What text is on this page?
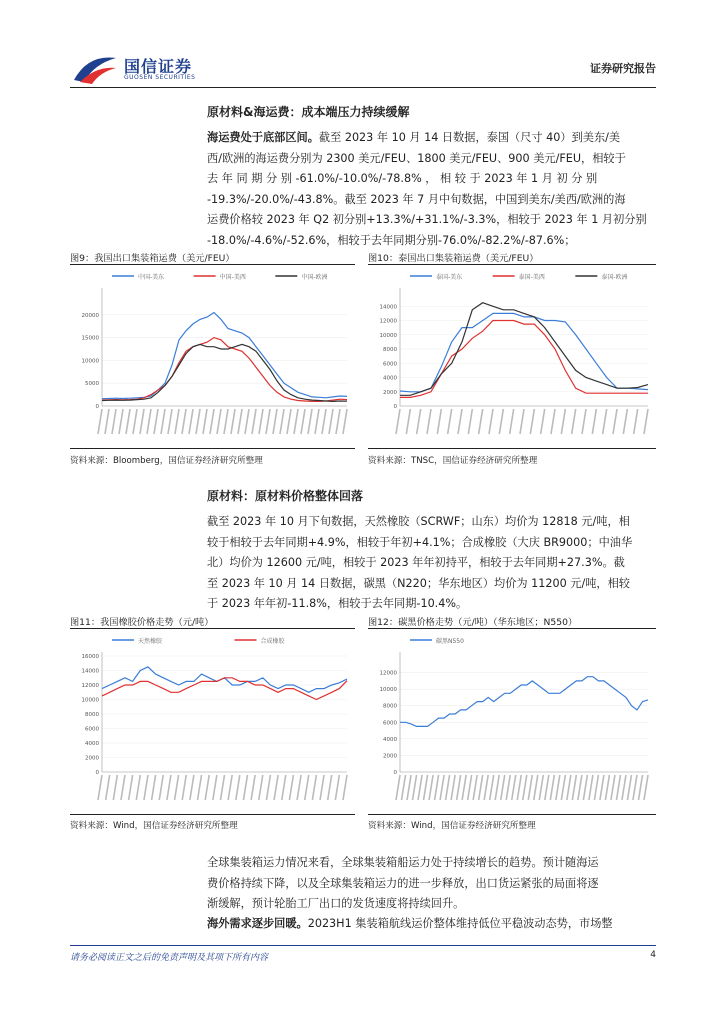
国信证券
GUOSEN SECURITIES
证券研究报告
原材料&海运费：成本端压力持续缓解
海运费处于底部区间。截至 2023 年 10 月 14 日数据，泰国（尺寸 40）到美东/美
西/欧洲的海运费分别为 2300 美元/FEU、1800 美元/FEU、900 美元/FEU，相较于
去 年 同 期 分 别 -61.0%/-10.0%/-78.8% ， 相 较 于 2023 年 1 月 初 分 别
-19.3%/-20.0%/-43.8%。截至 2023 年 7 月中旬数据，中国到美东/美西/欧洲的海
运费价格较 2023 年 Q2 初分别+13.3%/+31.1%/-3.3%，相较于 2023 年 1 月初分别
-18.0%/-4.6%/-52.6%，相较于去年同期分别-76.0%/-82.2%/-87.6%；
图9：我国出口集装箱运费（美元/FEU）	图10：泰国出口集装箱运费（美元/FEU）
中国-美东	中国-美西	中国-欧洲
0
5000
10000
15000
20000
泰国-美东	泰国-美西	泰国-欧洲
0
2000
4000
6000
8000
10000
12000
14000
资料来源：Bloomberg，国信证券经济研究所整理	资料来源：TNSC，国信证券经济研究所整理
原材料：原材料价格整体回落
截至 2023 年 10 月下旬数据，天然橡胶（SCRWF；山东）均价为 12818 元/吨，相
较于相较于去年同期+4.9%，相较于年初+4.1%；合成橡胶（大庆 BR9000；中油华
北）均价为 12600 元/吨，相较于 2023 年年初持平，相较于去年同期+27.3%。截
至 2023 年 10 月 14 日数据，碳黑（N220；华东地区）均价为 11200 元/吨，相较
于 2023 年年初-11.8%，相较于去年同期-10.4%。
图11：我国橡胶价格走势（元/吨）	图12：碳黑价格走势（元/吨）（华东地区；N550）
天然橡胶	合成橡胶
0
2000
4000
6000
8000
10000
12000
14000
16000
碳黑N550
0
2000
4000
6000
8000
10000
12000
资料来源：Wind，国信证券经济研究所整理	资料来源：Wind，国信证券经济研究所整理
全球集装箱运力情况来看，全球集装箱船运力处于持续增长的趋势。预计随海运
费价格持续下降，以及全球集装箱运力的进一步释放，出口货运紧张的局面将逐
渐缓解，预计轮胎工厂出口的发货速度将持续回升。
海外需求逐步回暖。2023H1 集装箱航线运价整体维持低位平稳波动态势，市场整
请务必阅读正文之后的免责声明及其项下所有内容	4
